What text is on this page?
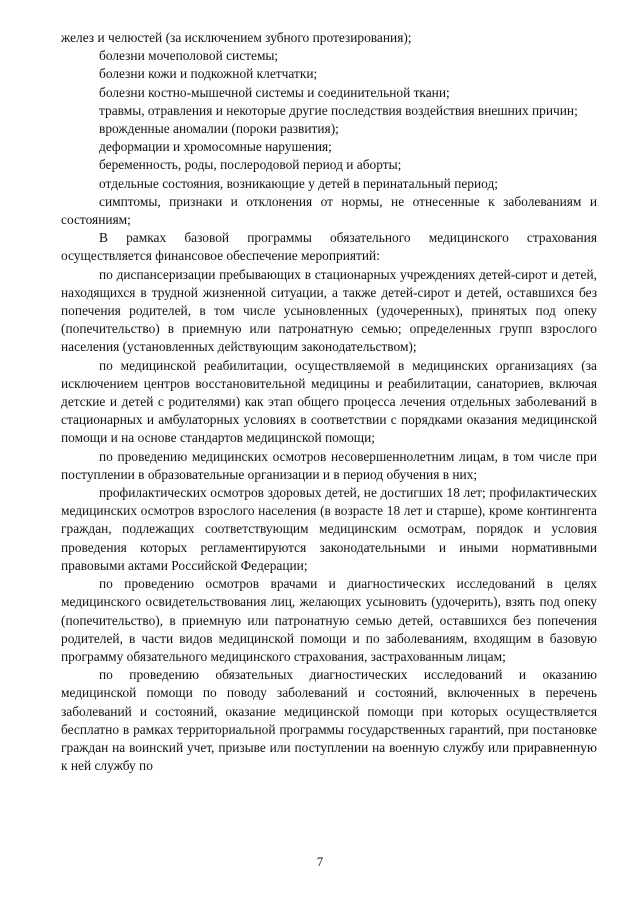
желез и челюстей (за исключением зубного протезирования);

болезни мочеполовой системы;

болезни кожи и подкожной клетчатки;

болезни костно-мышечной системы и соединительной ткани;

травмы, отравления и некоторые другие последствия воздействия внешних причин;

врожденные аномалии (пороки развития);

деформации и хромосомные нарушения;

беременность, роды, послеродовой период и аборты;

отдельные состояния, возникающие у детей в перинатальный период;

симптомы, признаки и отклонения от нормы, не отнесенные к заболеваниям и состояниям;

В рамках базовой программы обязательного медицинского страхования осуществляется финансовое обеспечение мероприятий:

по диспансеризации пребывающих в стационарных учреждениях детей-сирот и детей, находящихся в трудной жизненной ситуации, а также детей-сирот и детей, оставшихся без попечения родителей, в том числе усыновленных (удочеренных), принятых под опеку (попечительство) в приемную или патронатную семью; определенных групп взрослого населения (установленных действующим законодательством);

по медицинской реабилитации, осуществляемой в медицинских организациях (за исключением центров восстановительной медицины и реабилитации, санаториев, включая детские и детей с родителями) как этап общего процесса лечения отдельных заболеваний в стационарных и амбулаторных условиях в соответствии с порядками оказания медицинской помощи и на основе стандартов медицинской помощи;

по проведению медицинских осмотров несовершеннолетним лицам, в том числе при поступлении в образовательные организации и в период обучения в них;

профилактических осмотров здоровых детей, не достигших 18 лет; профилактических медицинских осмотров взрослого населения (в возрасте 18 лет и старше), кроме контингента граждан, подлежащих соответствующим медицинским осмотрам, порядок и условия проведения которых регламентируются законодательными и иными нормативными правовыми актами Российской Федерации;

по проведению осмотров врачами и диагностических исследований в целях медицинского освидетельствования лиц, желающих усыновить (удочерить), взять под опеку (попечительство), в приемную или патронатную семью детей, оставшихся без попечения родителей, в части видов медицинской помощи и по заболеваниям, входящим в базовую программу обязательного медицинского страхования, застрахованным лицам;

по проведению обязательных диагностических исследований и оказанию медицинской помощи по поводу заболеваний и состояний, включенных в перечень заболеваний и состояний, оказание медицинской помощи при которых осуществляется бесплатно в рамках территориальной программы государственных гарантий, при постановке граждан на воинский учет, призыве или поступлении на военную службу или приравненную к ней службу по

7
